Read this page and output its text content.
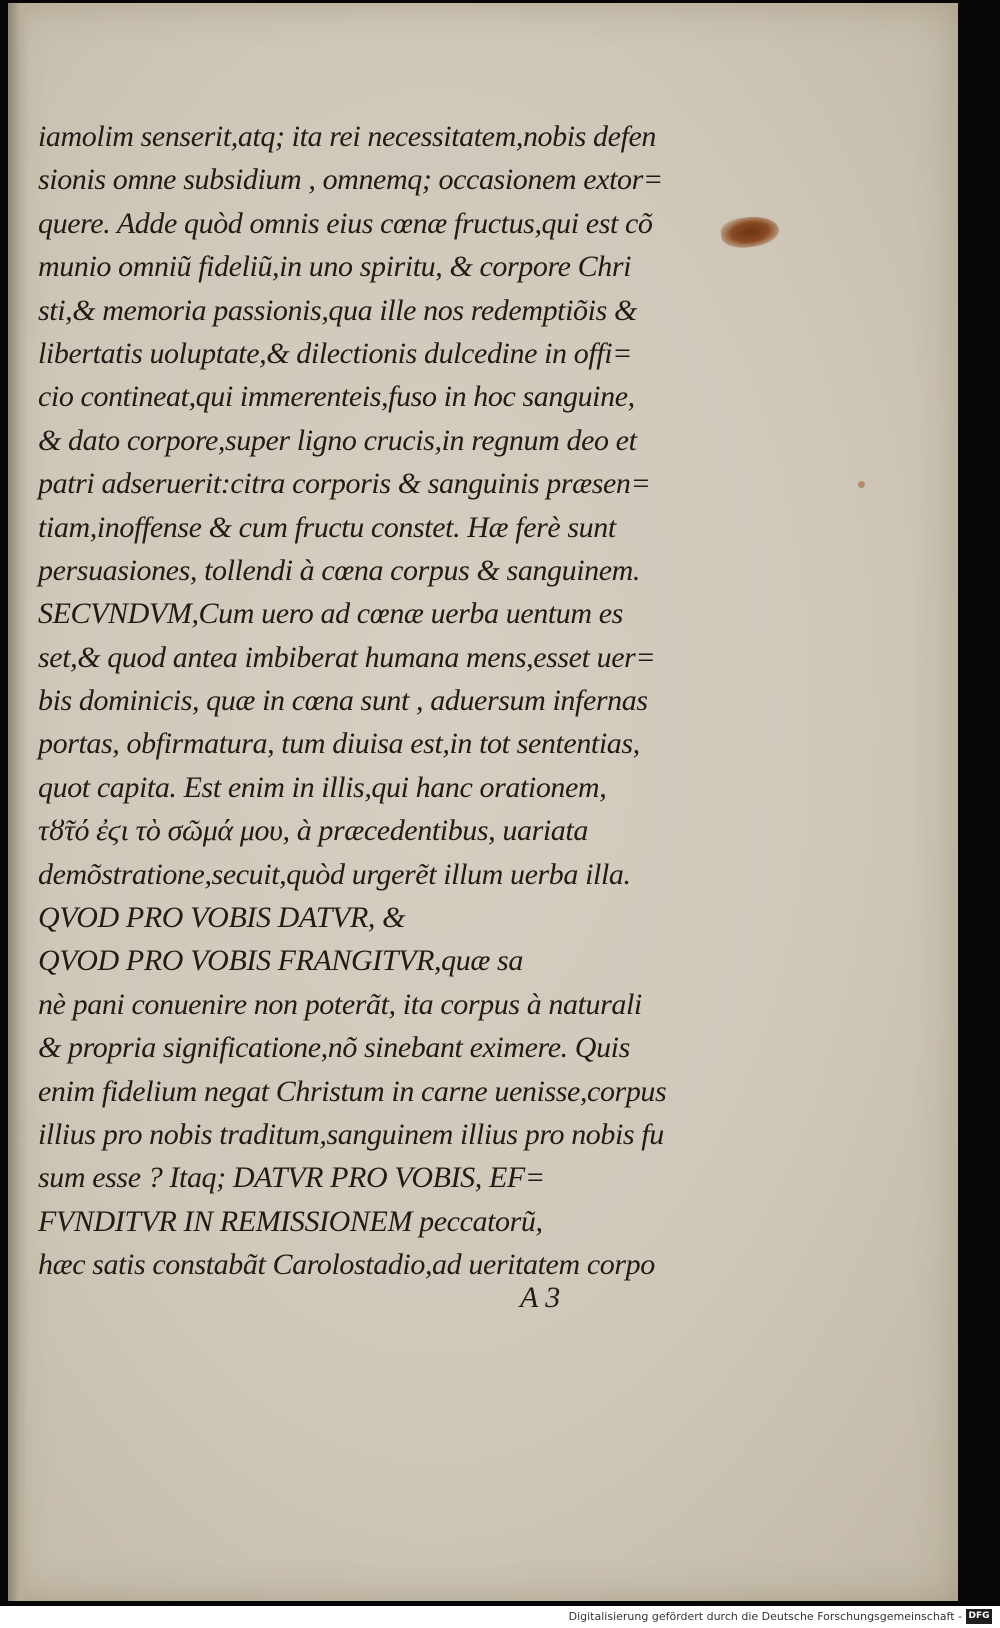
iamolim senserit,atq; ita rei necessitatem,nobis defen
sionis omne subsidium , omnemq; occasionem extor=
quere. Adde quòd omnis eius cœnæ fructus,qui est cõ
munio omniũ fideliũ,in uno spiritu, & corpore Chri
sti,& memoria passionis,qua ille nos redemptiõis &
libertatis uoluptate,& dilectionis dulcedine in offi=
cio contineat,qui immerenteis,fuso in hoc sanguine,
& dato corpore,super ligno crucis,in regnum deo et
patri adseruerit:citra corporis & sanguinis præsen=
tiam,inoffense & cum fructu constet. Hæ ferè sunt
persuasiones, tollendi à cœna corpus & sanguinem.
SECVNDVM,Cum uero ad cœnæ uerba uentum es
set,& quod antea imbiberat humana mens,esset uer=
bis dominicis, quæ in cœna sunt , aduersum infernas
portas, obfirmatura, tum diuisa est,in tot sententias,
quot capita. Est enim in illis,qui hanc orationem,
τȣ̃τό ἐϛι τὸ σῶμά μου, à præcedentibus, uariata
demõstratione,secuit,quòd urgerẽt illum uerba illa.
QVOD PRO VOBIS DATVR, &
QVOD PRO VOBIS FRANGITVR,quæ sa
nè pani conuenire non poterãt, ita corpus à naturali
& propria significatione,nõ sinebant eximere. Quis
enim fidelium negat Christum in carne uenisse,corpus
illius pro nobis traditum,sanguinem illius pro nobis fu
sum esse ? Itaq; DATVR PRO VOBIS, EF=
FVNDITVR IN REMISSIONEM peccatorũ,
hæc satis constabãt Carolostadio,ad ueritatem corpo
A 3
Digitalisierung gefördert durch die Deutsche Forschungsgemeinschaft - DFG
